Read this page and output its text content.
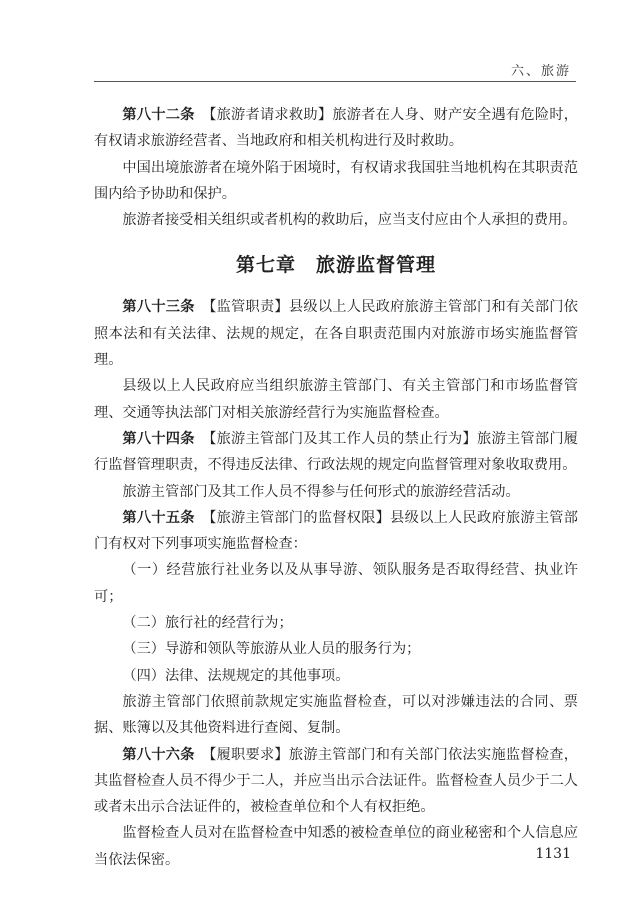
六、旅游

第八十二条　 【旅游者请求救助】旅游者在人身、财产安全遇有危险时，有权请求旅游经营者、当地政府和相关机构进行及时救助。

中国出境旅游者在境外陷于困境时，有权请求我国驻当地机构在其职责范围内给予协助和保护。

旅游者接受相关组织或者机构的救助后，应当支付应由个人承担的费用。

第七章 旅游监督管理

第八十三条　 【监管职责】县级以上人民政府旅游主管部门和有关部门依照本法和有关法律、法规的规定，在各自职责范围内对旅游市场实施监督管理。

县级以上人民政府应当组织旅游主管部门、有关主管部门和市场监督管理、交通等执法部门对相关旅游经营行为实施监督检查。

第八十四条　 【旅游主管部门及其工作人员的禁止行为】旅游主管部门履行监督管理职责，不得违反法律、行政法规的规定向监督管理对象收取费用。

旅游主管部门及其工作人员不得参与任何形式的旅游经营活动。

第八十五条　 【旅游主管部门的监督权限】县级以上人民政府旅游主管部门有权对下列事项实施监督检查：

（一）经营旅行社业务以及从事导游、领队服务是否取得经营、执业许可；

（二）旅行社的经营行为；

（三）导游和领队等旅游从业人员的服务行为；

（四）法律、法规规定的其他事项。

旅游主管部门依照前款规定实施监督检查，可以对涉嫌违法的合同、票据、账簿以及其他资料进行查阅、复制。

第八十六条　 【履职要求】旅游主管部门和有关部门依法实施监督检查，其监督检查人员不得少于二人，并应当出示合法证件。监督检查人员少于二人或者未出示合法证件的，被检查单位和个人有权拒绝。

监督检查人员对在监督检查中知悉的被检查单位的商业秘密和个人信息应当依法保密。	1131
